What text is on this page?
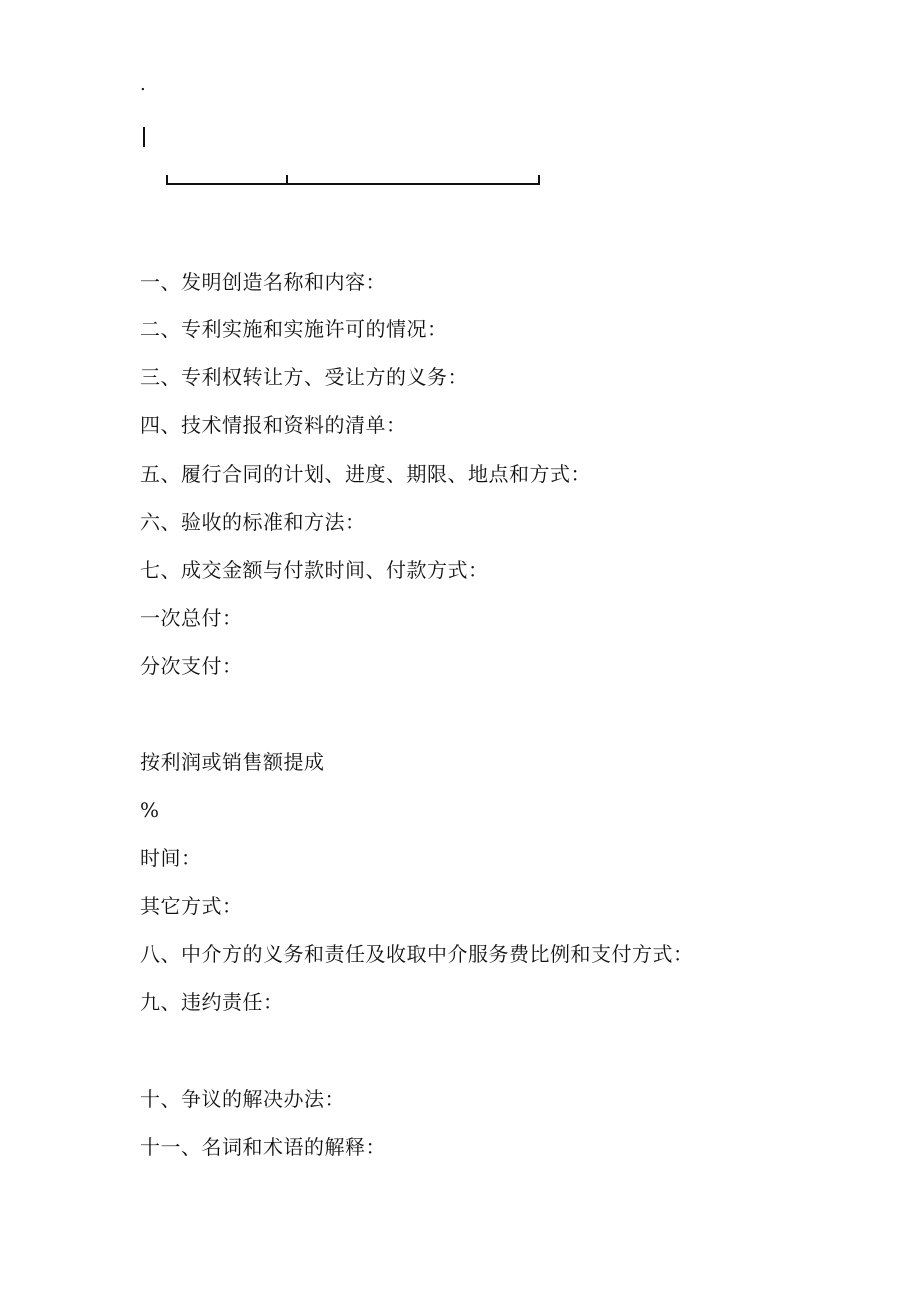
.
一、发明创造名称和内容：
二、专利实施和实施许可的情况：
三、专利权转让方、受让方的义务：
四、技术情报和资料的清单：
五、履行合同的计划、进度、期限、地点和方式：
六、验收的标准和方法：
七、成交金额与付款时间、付款方式：
一次总付：
分次支付：
按利润或销售额提成
%
时间：
其它方式：
八、中介方的义务和责任及收取中介服务费比例和支付方式：
九、违约责任：
十、争议的解决办法：
十一、名词和术语的解释：
